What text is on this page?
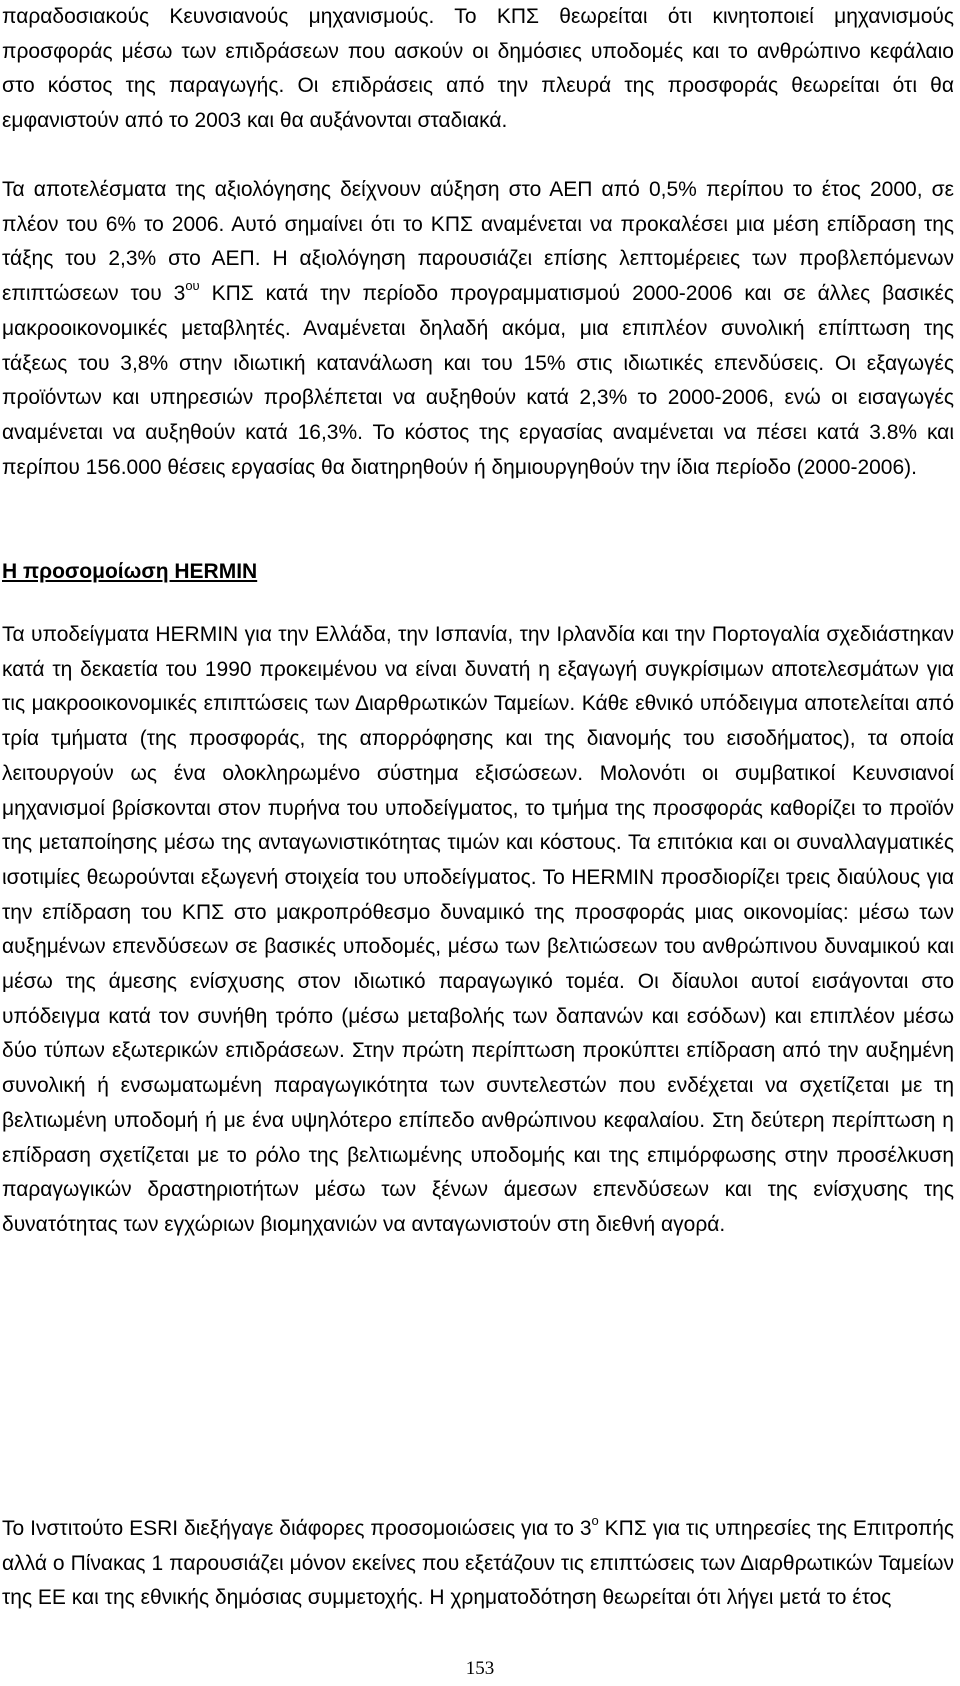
παραδοσιακούς Κευνσιανούς μηχανισμούς. Το ΚΠΣ θεωρείται ότι κινητοποιεί μηχανισμούς προσφοράς μέσω των επιδράσεων που ασκούν οι δημόσιες υποδομές και το ανθρώπινο κεφάλαιο στο κόστος της παραγωγής. Οι επιδράσεις από την πλευρά της προσφοράς θεωρείται ότι θα εμφανιστούν από το 2003 και θα αυξάνονται σταδιακά.

Τα αποτελέσματα της αξιολόγησης δείχνουν αύξηση στο ΑΕΠ από 0,5% περίπου το έτος 2000, σε πλέον του 6% το 2006. Αυτό σημαίνει ότι το ΚΠΣ αναμένεται να προκαλέσει μια μέση επίδραση της τάξης του 2,3% στο ΑΕΠ. Η αξιολόγηση παρουσιάζει επίσης λεπτομέρειες των προβλεπόμενων επιπτώσεων του $3^{o\upsilon}$ ΚΠΣ κατά την περίοδο προγραμματισμού 2000-2006 και σε άλλες βασικές μακροοικονομικές μεταβλητές. Αναμένεται δηλαδή ακόμα, μια επιπλέον συνολική επίπτωση της τάξεως του 3,8% στην ιδιωτική κατανάλωση και του 15% στις ιδιωτικές επενδύσεις. Οι εξαγωγές προϊόντων και υπηρεσιών προβλέπεται να αυξηθούν κατά 2,3% το 2000-2006, ενώ οι εισαγωγές αναμένεται να αυξηθούν κατά 16,3%. Το κόστος της εργασίας αναμένεται να πέσει κατά 3.8% και περίπου 156.000 θέσεις εργασίας θα διατηρηθούν ή δημιουργηθούν την ίδια περίοδο (2000-2006).

Η προσομοίωση HERMIN

Τα υποδείγματα HERMIN για την Ελλάδα, την Ισπανία, την Ιρλανδία και την Πορτογαλία σχεδιάστηκαν κατά τη δεκαετία του 1990 προκειμένου να είναι δυνατή η εξαγωγή συγκρίσιμων αποτελεσμάτων για τις μακροοικονομικές επιπτώσεις των Διαρθρωτικών Ταμείων. Κάθε εθνικό υπόδειγμα αποτελείται από τρία τμήματα (της προσφοράς, της απορρόφησης και της διανομής του εισοδήματος), τα οποία λειτουργούν ως ένα ολοκληρωμένο σύστημα εξισώσεων. Μολονότι οι συμβατικοί Κευνσιανοί μηχανισμοί βρίσκονται στον πυρήνα του υποδείγματος, το τμήμα της προσφοράς καθορίζει το προϊόν της μεταποίησης μέσω της ανταγωνιστικότητας τιμών και κόστους. Τα επιτόκια και οι συναλλαγματικές ισοτιμίες θεωρούνται εξωγενή στοιχεία του υποδείγματος. Το HERMIN προσδιορίζει τρεις διαύλους για την επίδραση του ΚΠΣ στο μακροπρόθεσμο δυναμικό της προσφοράς μιας οικονομίας: μέσω των αυξημένων επενδύσεων σε βασικές υποδομές, μέσω των βελτιώσεων του ανθρώπινου δυναμικού και μέσω της άμεσης ενίσχυσης στον ιδιωτικό παραγωγικό τομέα. Οι δίαυλοι αυτοί εισάγονται στο υπόδειγμα κατά τον συνήθη τρόπο (μέσω μεταβολής των δαπανών και εσόδων) και επιπλέον μέσω δύο τύπων εξωτερικών επιδράσεων. Στην πρώτη περίπτωση προκύπτει επίδραση από την αυξημένη συνολική ή ενσωματωμένη παραγωγικότητα των συντελεστών που ενδέχεται να σχετίζεται με τη βελτιωμένη υποδομή ή με ένα υψηλότερο επίπεδο ανθρώπινου κεφαλαίου. Στη δεύτερη περίπτωση η επίδραση σχετίζεται με το ρόλο της βελτιωμένης υποδομής και της επιμόρφωσης στην προσέλκυση παραγωγικών δραστηριοτήτων μέσω των ξένων άμεσων επενδύσεων και της ενίσχυσης της δυνατότητας των εγχώριων βιομηχανιών να ανταγωνιστούν στη διεθνή αγορά.

Το Ινστιτούτο ESRI διεξήγαγε διάφορες προσομοιώσεις για το $3^o$ ΚΠΣ για τις υπηρεσίες της Επιτροπής αλλά ο Πίνακας 1 παρουσιάζει μόνον εκείνες που εξετάζουν τις επιπτώσεις των Διαρθρωτικών Ταμείων της ΕΕ και της εθνικής δημόσιας συμμετοχής. Η χρηματοδότηση θεωρείται ότι λήγει μετά το έτος

153
